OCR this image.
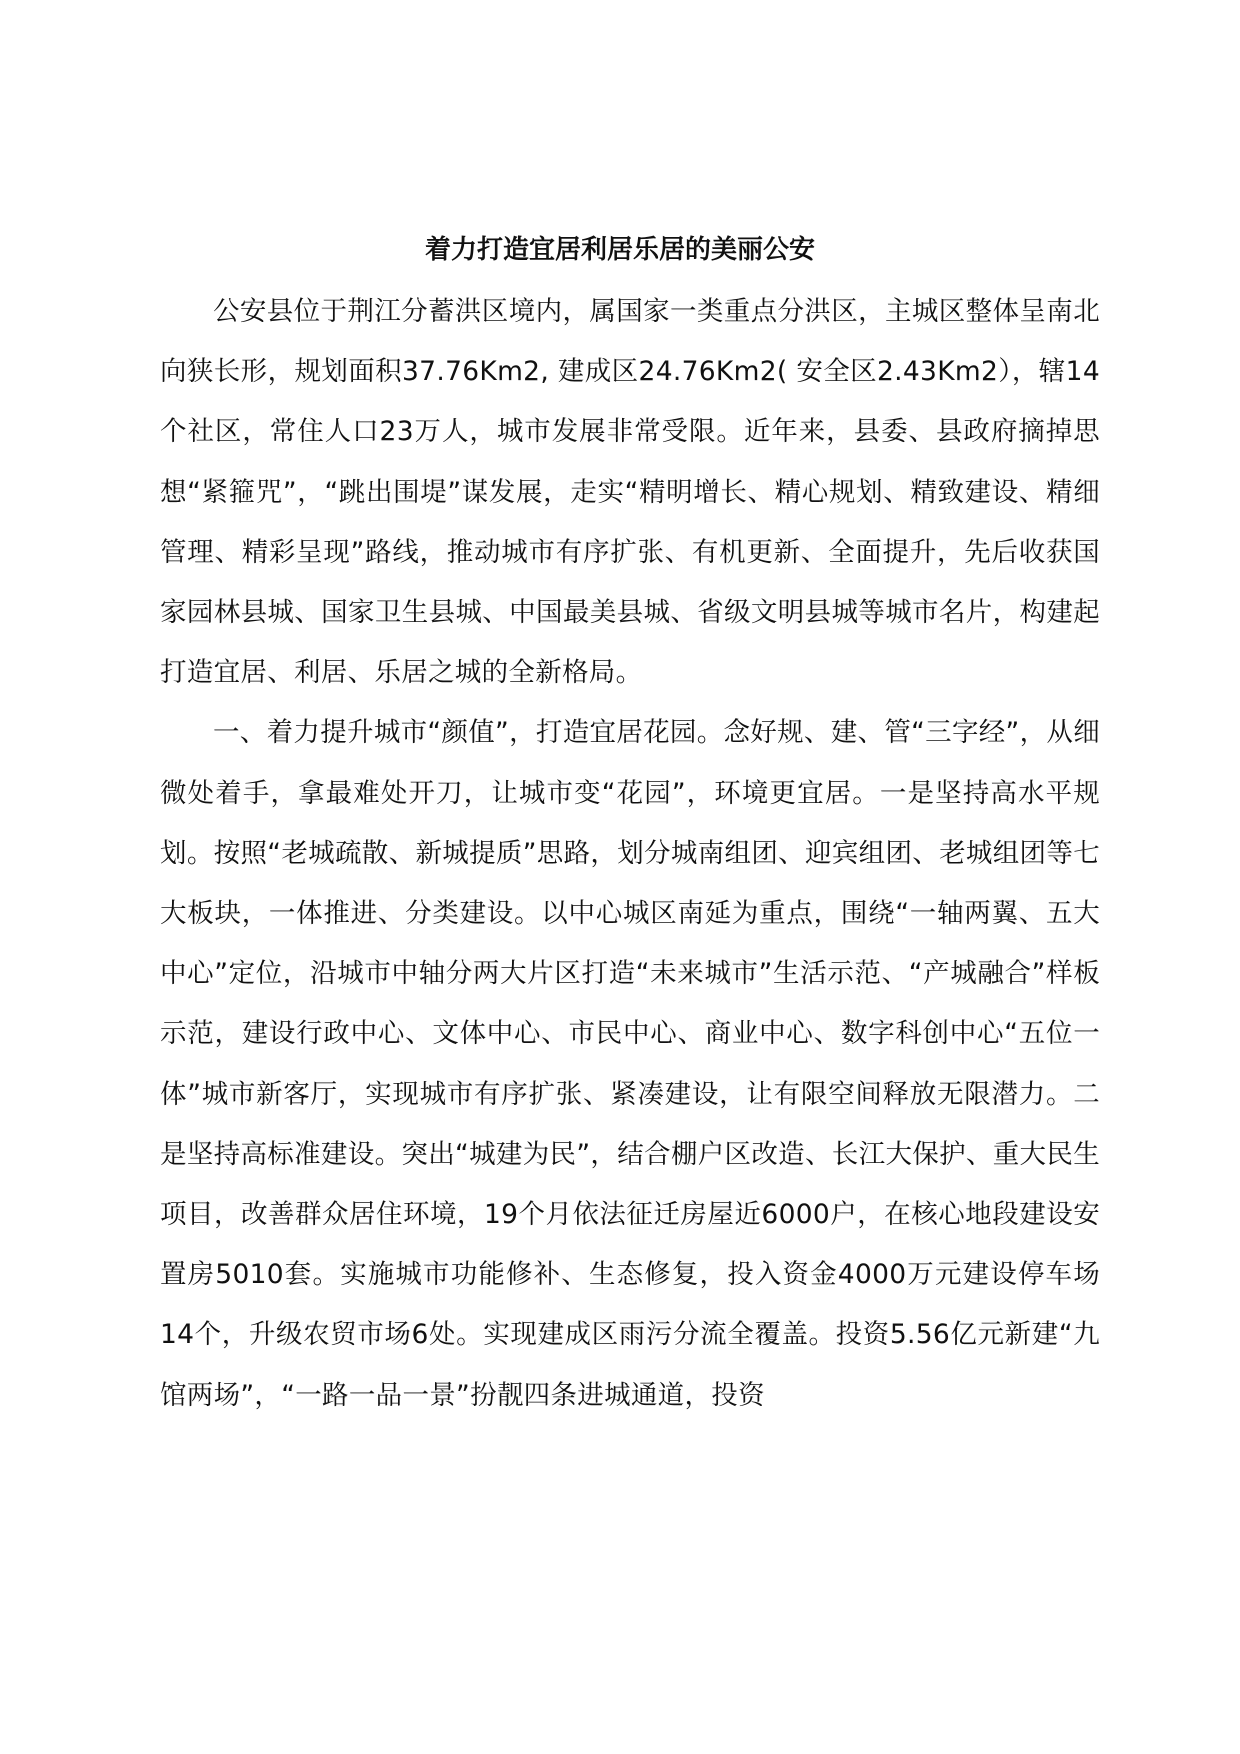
着力打造宜居利居乐居的美丽公安

公安县位于荆江分蓄洪区境内，属国家一类重点分洪区，主城区整体呈南北向狭长形，规划面积37.76Km2, 建成区24.76Km2( 安全区2.43Km2），辖14个社区，常住人口23万人，城市发展非常受限。近年来，县委、县政府摘掉思想“紧箍咒”，“跳出围堤”谋发展，走实“精明增长、精心规划、精致建设、精细管理、精彩呈现”路线，推动城市有序扩张、有机更新、全面提升，先后收获国家园林县城、国家卫生县城、中国最美县城、省级文明县城等城市名片，构建起打造宜居、利居、乐居之城的全新格局。

一、着力提升城市“颜值”，打造宜居花园。念好规、建、管“三字经”，从细微处着手，拿最难处开刀，让城市变“花园”，环境更宜居。一是坚持高水平规划。按照“老城疏散、新城提质”思路，划分城南组团、迎宾组团、老城组团等七大板块，一体推进、分类建设。以中心城区南延为重点，围绕“一轴两翼、五大中心”定位，沿城市中轴分两大片区打造“未来城市”生活示范、“产城融合”样板示范，建设行政中心、文体中心、市民中心、商业中心、数字科创中心“五位一体”城市新客厅，实现城市有序扩张、紧凑建设，让有限空间释放无限潜力。二是坚持高标准建设。突出“城建为民”，结合棚户区改造、长江大保护、重大民生项目，改善群众居住环境，19个月依法征迁房屋近6000户，在核心地段建设安置房5010套。实施城市功能修补、生态修复，投入资金4000万元建设停车场14个，升级农贸市场6处。实现建成区雨污分流全覆盖。投资5.56亿元新建“九馆两场”，“一路一品一景”扮靓四条进城通道，投资
